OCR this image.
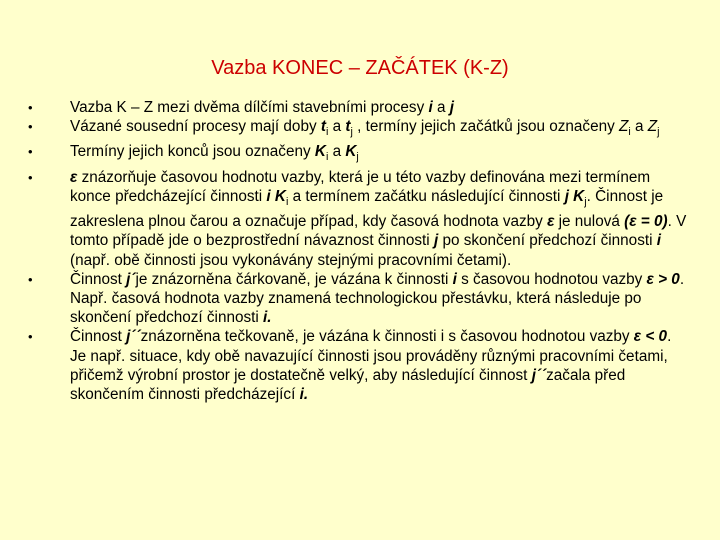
Vazba KONEC – ZAČÁTEK (K-Z)
• Vazba K – Z mezi dvěma dílčími stavebními procesy i a j
• Vázané sousední procesy mají doby $t_i$ a $t_j$ , termíny jejich začátků jsou označeny $Z_i$ a $Z_j$
• Termíny jejich konců jsou označeny $K_i$ a $K_j$
• ε znázorňuje časovou hodnotu vazby, která je u této vazby definována mezi termínem konce předcházející činnosti i $K_i$ a termínem začátku následující činnosti j $K_j$. Činnost je zakreslena plnou čarou a označuje případ, kdy časová hodnota vazby ε je nulová (ε = 0). V tomto případě jde o bezprostřední návaznost činnosti j po skončení předchozí činnosti i (např. obě činnosti jsou vykonávány stejnými pracovními četami).
• Činnost j´je znázorněna čárkovaně, je vázána k činnosti i s časovou hodnotou vazby ε > 0. Např. časová hodnota vazby znamená technologickou přestávku, která následuje po skončení předchozí činnosti i.
• Činnost j´´znázorněna tečkovaně, je vázána k činnosti i s časovou hodnotou vazby ε < 0. Je např. situace, kdy obě navazující činnosti jsou prováděny různými pracovními četami, přičemž výrobní prostor je dostatečně velký, aby následující činnost j´´začala před skončením činnosti předcházející i.
